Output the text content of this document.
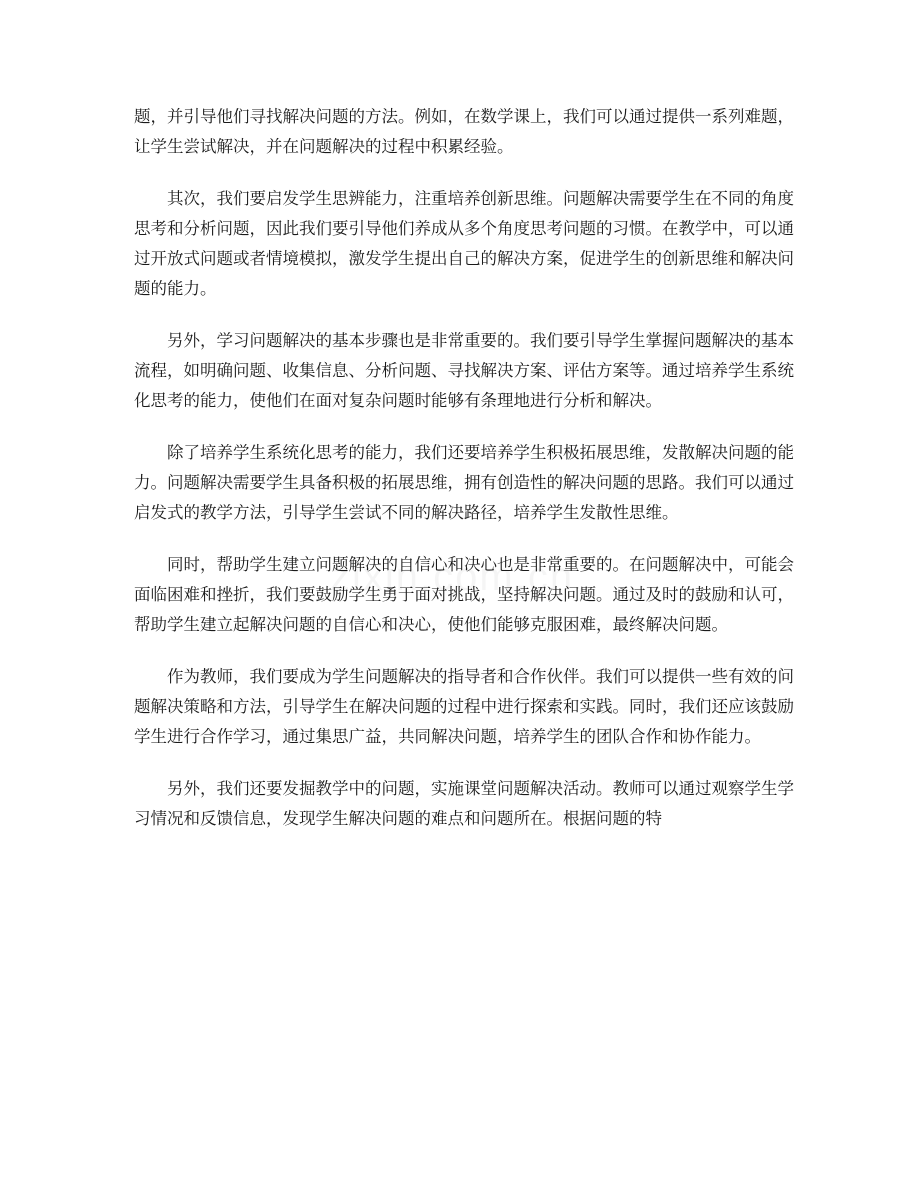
题，并引导他们寻找解决问题的方法。例如，在数学课上，我们可以通过提供一系列难题，让学生尝试解决，并在问题解决的过程中积累经验。

其次，我们要启发学生思辨能力，注重培养创新思维。问题解决需要学生在不同的角度思考和分析问题，因此我们要引导他们养成从多个角度思考问题的习惯。在教学中，可以通过开放式问题或者情境模拟，激发学生提出自己的解决方案，促进学生的创新思维和解决问题的能力。

另外，学习问题解决的基本步骤也是非常重要的。我们要引导学生掌握问题解决的基本流程，如明确问题、收集信息、分析问题、寻找解决方案、评估方案等。通过培养学生系统化思考的能力，使他们在面对复杂问题时能够有条理地进行分析和解决。

除了培养学生系统化思考的能力，我们还要培养学生积极拓展思维，发散解决问题的能力。问题解决需要学生具备积极的拓展思维，拥有创造性的解决问题的思路。我们可以通过启发式的教学方法，引导学生尝试不同的解决路径，培养学生发散性思维。

同时，帮助学生建立问题解决的自信心和决心也是非常重要的。在问题解决中，可能会面临困难和挫折，我们要鼓励学生勇于面对挑战，坚持解决问题。通过及时的鼓励和认可，帮助学生建立起解决问题的自信心和决心，使他们能够克服困难，最终解决问题。

作为教师，我们要成为学生问题解决的指导者和合作伙伴。我们可以提供一些有效的问题解决策略和方法，引导学生在解决问题的过程中进行探索和实践。同时，我们还应该鼓励学生进行合作学习，通过集思广益，共同解决问题，培养学生的团队合作和协作能力。

另外，我们还要发掘教学中的问题，实施课堂问题解决活动。教师可以通过观察学生学习情况和反馈信息，发现学生解决问题的难点和问题所在。根据问题的特
